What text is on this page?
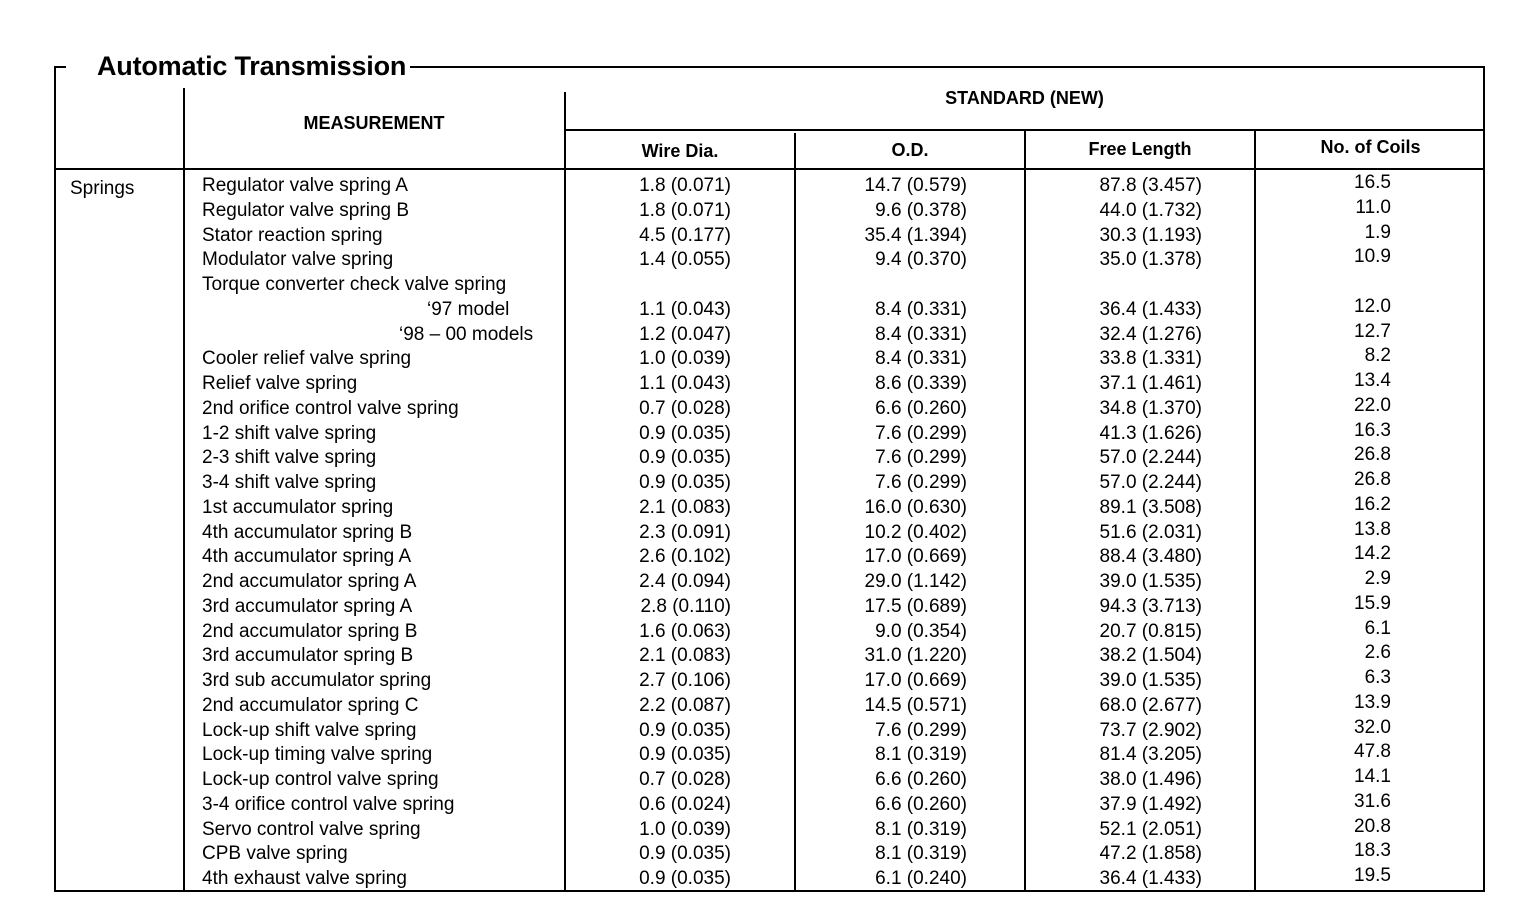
Automatic Transmission
MEASUREMENT
STANDARD (NEW)
Wire Dia.	O.D.	Free Length	No. of Coils
Springs	Regulator valve spring A	1.8 (0.071)	14.7 (0.579)	87.8 (3.457)	16.5
Regulator valve spring B	1.8 (0.071)	9.6 (0.378)	44.0 (1.732)	11.0
Stator reaction spring	4.5 (0.177)	35.4 (1.394)	30.3 (1.193)	1.9
Modulator valve spring	1.4 (0.055)	9.4 (0.370)	35.0 (1.378)	10.9
Torque converter check valve spring
‘97 model	1.1 (0.043)	8.4 (0.331)	36.4 (1.433)	12.0
‘98 – 00 models	1.2 (0.047)	8.4 (0.331)	32.4 (1.276)	12.7
Cooler relief valve spring	1.0 (0.039)	8.4 (0.331)	33.8 (1.331)	8.2
Relief valve spring	1.1 (0.043)	8.6 (0.339)	37.1 (1.461)	13.4
2nd orifice control valve spring	0.7 (0.028)	6.6 (0.260)	34.8 (1.370)	22.0
1-2 shift valve spring	0.9 (0.035)	7.6 (0.299)	41.3 (1.626)	16.3
2-3 shift valve spring	0.9 (0.035)	7.6 (0.299)	57.0 (2.244)	26.8
3-4 shift valve spring	0.9 (0.035)	7.6 (0.299)	57.0 (2.244)	26.8
1st accumulator spring	2.1 (0.083)	16.0 (0.630)	89.1 (3.508)	16.2
4th accumulator spring B	2.3 (0.091)	10.2 (0.402)	51.6 (2.031)	13.8
4th accumulator spring A	2.6 (0.102)	17.0 (0.669)	88.4 (3.480)	14.2
2nd accumulator spring A	2.4 (0.094)	29.0 (1.142)	39.0 (1.535)	2.9
3rd accumulator spring A	2.8 (0.110)	17.5 (0.689)	94.3 (3.713)	15.9
2nd accumulator spring B	1.6 (0.063)	9.0 (0.354)	20.7 (0.815)	6.1
3rd accumulator spring B	2.1 (0.083)	31.0 (1.220)	38.2 (1.504)	2.6
3rd sub accumulator spring	2.7 (0.106)	17.0 (0.669)	39.0 (1.535)	6.3
2nd accumulator spring C	2.2 (0.087)	14.5 (0.571)	68.0 (2.677)	13.9
Lock-up shift valve spring	0.9 (0.035)	7.6 (0.299)	73.7 (2.902)	32.0
Lock-up timing valve spring	0.9 (0.035)	8.1 (0.319)	81.4 (3.205)	47.8
Lock-up control valve spring	0.7 (0.028)	6.6 (0.260)	38.0 (1.496)	14.1
3-4 orifice control valve spring	0.6 (0.024)	6.6 (0.260)	37.9 (1.492)	31.6
Servo control valve spring	1.0 (0.039)	8.1 (0.319)	52.1 (2.051)	20.8
CPB valve spring	0.9 (0.035)	8.1 (0.319)	47.2 (1.858)	18.3
4th exhaust valve spring	0.9 (0.035)	6.1 (0.240)	36.4 (1.433)	19.5
